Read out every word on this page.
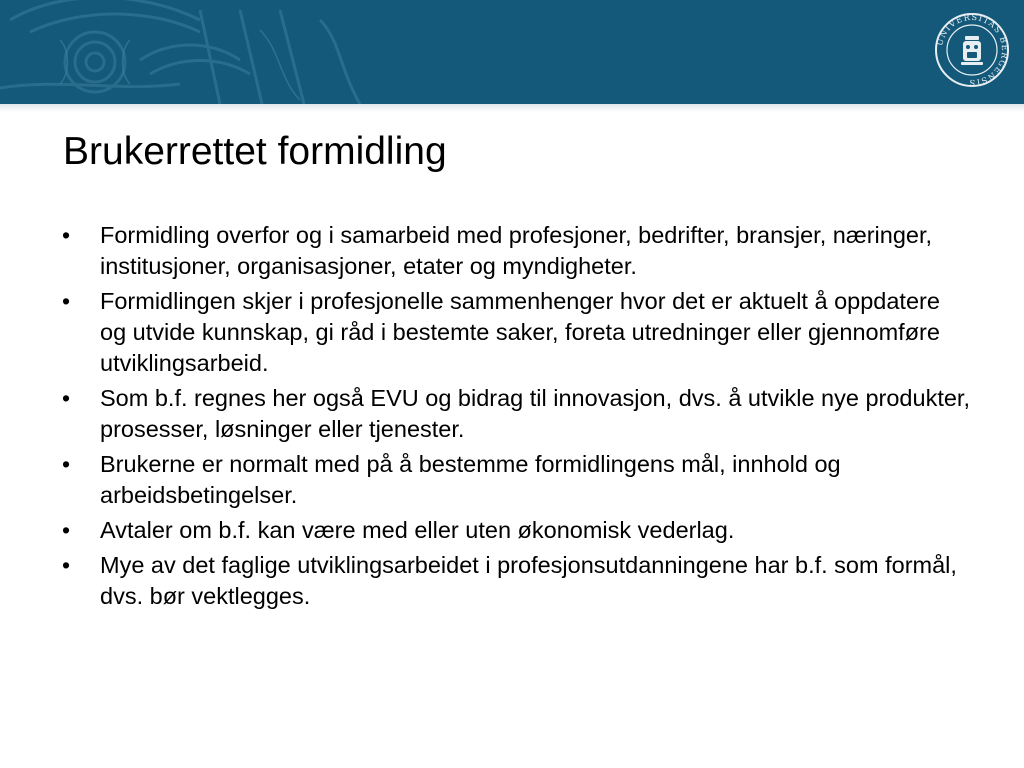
UNIVERSITAS BERGENSIS
Brukerrettet formidling
•	Formidling overfor og i samarbeid med profesjoner, bedrifter, bransjer, næringer, institusjoner, organisasjoner, etater og myndigheter.
•	Formidlingen skjer i profesjonelle sammenhenger hvor det er aktuelt å oppdatere og utvide kunnskap, gi råd i bestemte saker, foreta utredninger eller gjennomføre utviklingsarbeid.
•	Som b.f. regnes her også EVU og bidrag til innovasjon, dvs. å utvikle nye produkter, prosesser, løsninger eller tjenester.
•	Brukerne er normalt med på å bestemme formidlingens mål, innhold og arbeidsbetingelser.
•	Avtaler om b.f. kan være med eller uten økonomisk vederlag.
•	Mye av det faglige utviklingsarbeidet i profesjonsutdanningene har b.f. som formål, dvs. bør vektlegges.
